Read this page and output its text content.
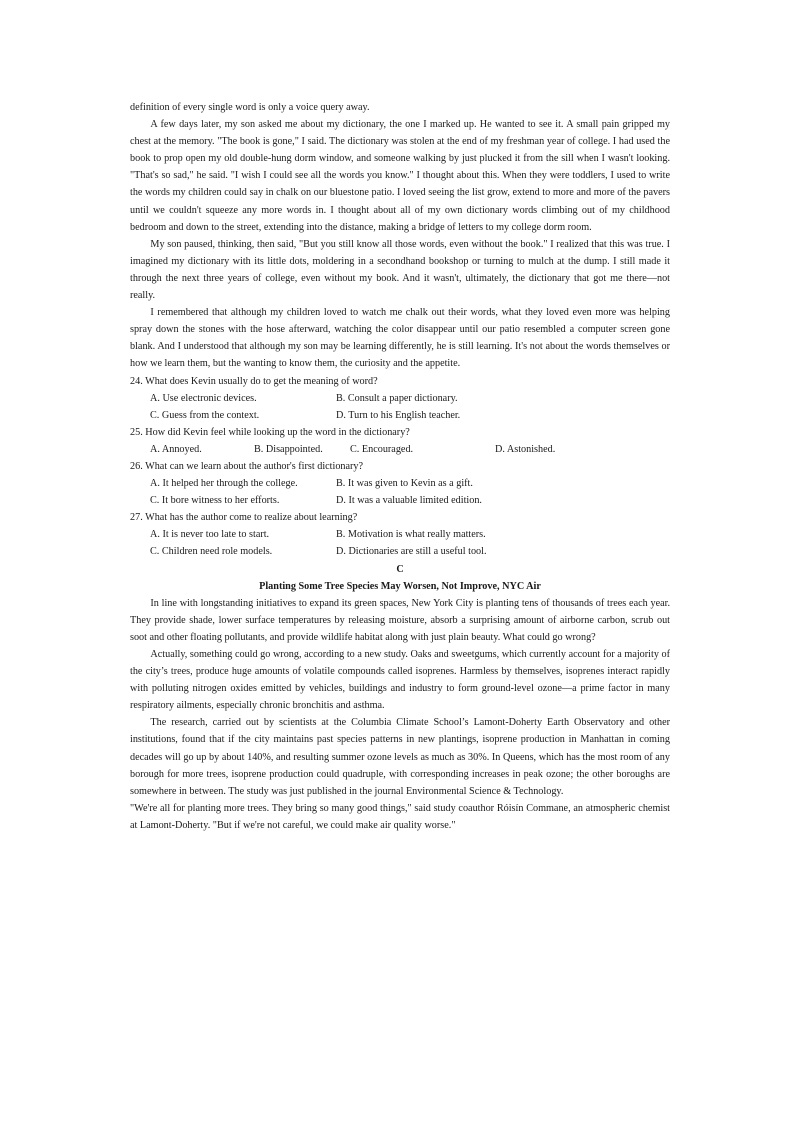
definition of every single word is only a voice query away.

A few days later, my son asked me about my dictionary, the one I marked up. He wanted to see it. A small pain gripped my chest at the memory. "The book is gone," I said. The dictionary was stolen at the end of my freshman year of college. I had used the book to prop open my old double-hung dorm window, and someone walking by just plucked it from the sill when I wasn't looking. "That's so sad," he said. "I wish I could see all the words you know." I thought about this. When they were toddlers, I used to write the words my children could say in chalk on our bluestone patio. I loved seeing the list grow, extend to more and more of the pavers until we couldn't squeeze any more words in. I thought about all of my own dictionary words climbing out of my childhood bedroom and down to the street, extending into the distance, making a bridge of letters to my college dorm room.

My son paused, thinking, then said, "But you still know all those words, even without the book." I realized that this was true. I imagined my dictionary with its little dots, moldering in a secondhand bookshop or turning to mulch at the dump. I still made it through the next three years of college, even without my book. And it wasn't, ultimately, the dictionary that got me there—not really.

I remembered that although my children loved to watch me chalk out their words, what they loved even more was helping spray down the stones with the hose afterward, watching the color disappear until our patio resembled a computer screen gone blank. And I understood that although my son may be learning differently, he is still learning. It's not about the words themselves or how we learn them, but the wanting to know them, the curiosity and the appetite.

24. What does Kevin usually do to get the meaning of word?

A. Use electronic devices.	B. Consult a paper dictionary.
C. Guess from the context.	D. Turn to his English teacher.

25. How did Kevin feel while looking up the word in the dictionary?

A. Annoyed.	B. Disappointed.	C. Encouraged.	D. Astonished.

26. What can we learn about the author's first dictionary?

A. It helped her through the college.	B. It was given to Kevin as a gift.
C. It bore witness to her efforts.	D. It was a valuable limited edition.

27. What has the author come to realize about learning?

A. It is never too late to start.	B. Motivation is what really matters.
C. Children need role models.	D. Dictionaries are still a useful tool.

C

Planting Some Tree Species May Worsen, Not Improve, NYC Air

In line with longstanding initiatives to expand its green spaces, New York City is planting tens of thousands of trees each year. They provide shade, lower surface temperatures by releasing moisture, absorb a surprising amount of airborne carbon, scrub out soot and other floating pollutants, and provide wildlife habitat along with just plain beauty. What could go wrong?

Actually, something could go wrong, according to a new study. Oaks and sweetgums, which currently account for a majority of the city’s trees, produce huge amounts of volatile compounds called isoprenes. Harmless by themselves, isoprenes interact rapidly with polluting nitrogen oxides emitted by vehicles, buildings and industry to form ground-level ozone—a prime factor in many respiratory ailments, especially chronic bronchitis and asthma.

The research, carried out by scientists at the Columbia Climate School’s Lamont-Doherty Earth Observatory and other institutions, found that if the city maintains past species patterns in new plantings, isoprene production in Manhattan in coming decades will go up by about 140%, and resulting summer ozone levels as much as 30%. In Queens, which has the most room of any borough for more trees, isoprene production could quadruple, with corresponding increases in peak ozone; the other boroughs are somewhere in between. The study was just published in the journal Environmental Science & Technology.

"We're all for planting more trees. They bring so many good things," said study coauthor Róisín Commane, an atmospheric chemist at Lamont-Doherty. "But if we're not careful, we could make air quality worse."
